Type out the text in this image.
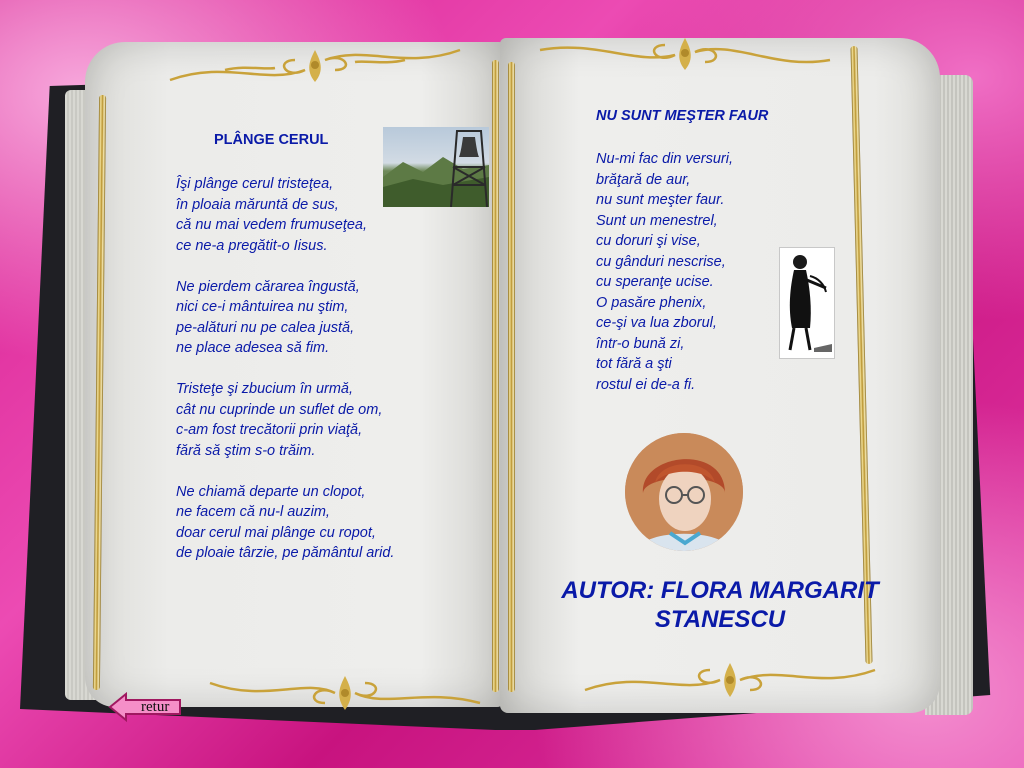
PLÂNGE CERUL
Îşi plânge cerul tristeţea,
în ploaia măruntă de sus,
că nu mai vedem frumuseţea,
ce ne-a pregătit-o Iisus.
Ne pierdem cărarea îngustă,
nici ce-i mântuirea nu ştim,
pe-alături nu pe calea justă,
ne place adesea să fim.
Tristeţe şi zbucium în urmă,
cât nu cuprinde un suflet de om,
c-am fost trecătorii prin viaţă,
fără să ştim s-o trăim.
Ne chiamă departe un clopot,
ne facem că nu-l auzim,
doar cerul mai plânge cu ropot,
de ploaie târzie, pe pământul arid.
NU SUNT MEŞTER FAUR
Nu-mi fac din versuri,
brăţară de aur,
nu sunt meşter faur.
Sunt un menestrel,
cu doruri şi vise,
cu gânduri nescrise,
cu speranţe ucise.
O pasăre phenix,
ce-şi va lua zborul,
într-o bună zi,
tot fără a şti
rostul ei de-a fi.
AUTOR: FLORA MARGARIT
STANESCU
retur
